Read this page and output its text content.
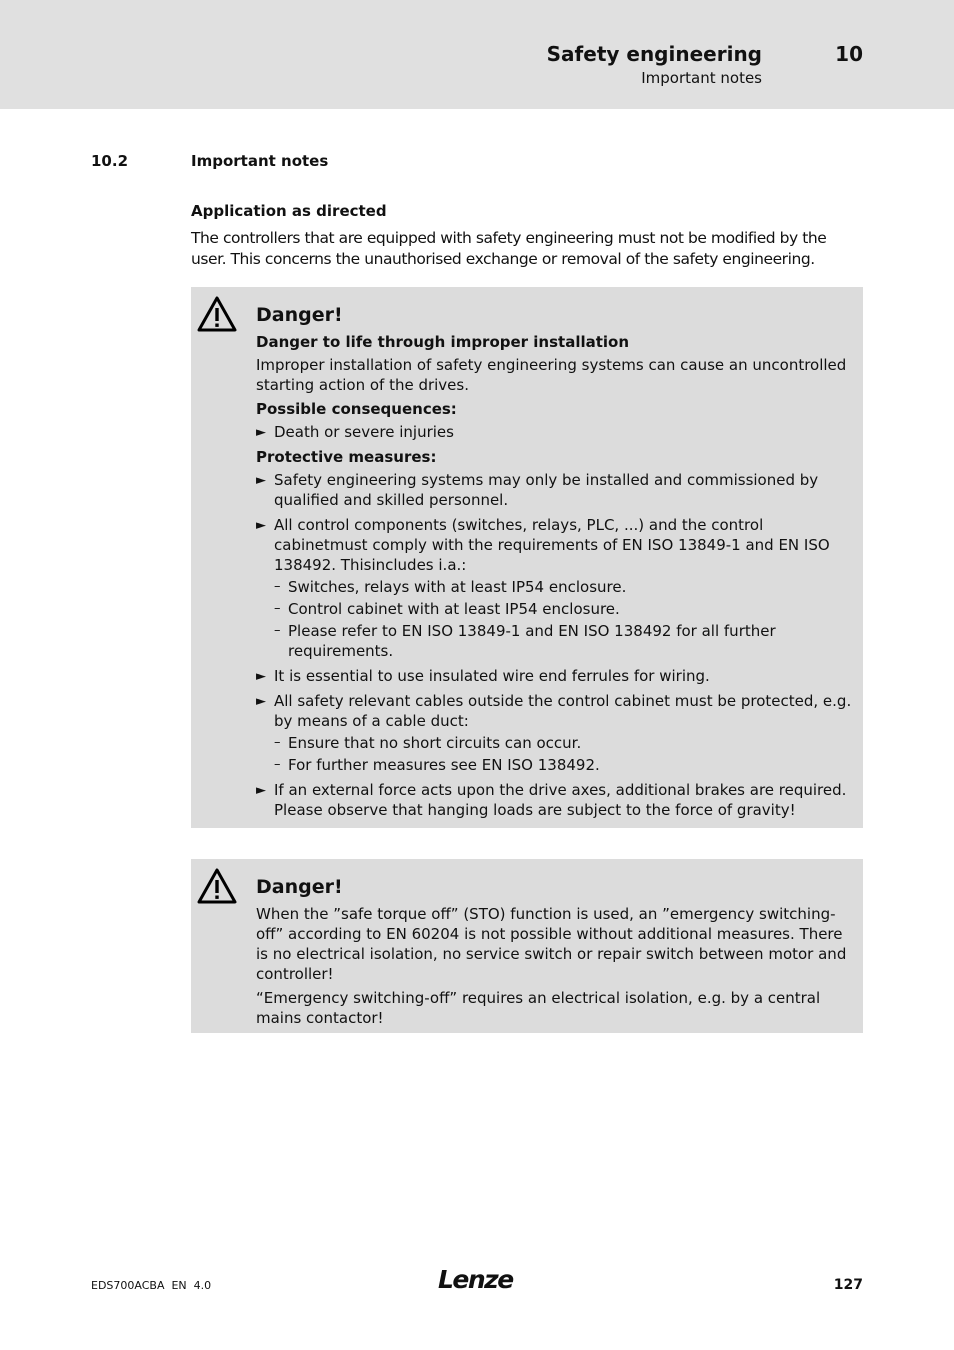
Safety engineering	10
Important notes
10.2	Important notes
Application as directed
The controllers that are equipped with safety engineering must not be modified by the user. This concerns the unauthorised exchange or removal of the safety engineering.
Danger!
Danger to life through improper installation
Improper installation of safety engineering systems can cause an uncontrolled starting action of the drives.
Possible consequences:
► Death or severe injuries
Protective measures:
► Safety engineering systems may only be installed and commissioned by qualified and skilled personnel.
► All control components (switches, relays, PLC, ...) and the control cabinetmust comply with the requirements of EN ISO 13849-1 and EN ISO 138492. Thisincludes i.a.:
– Switches, relays with at least IP54 enclosure.
– Control cabinet with at least IP54 enclosure.
– Please refer to EN ISO 13849-1 and EN ISO 138492 for all further requirements.
► It is essential to use insulated wire end ferrules for wiring.
► All safety relevant cables outside the control cabinet must be protected, e.g. by means of a cable duct:
– Ensure that no short circuits can occur.
– For further measures see EN ISO 138492.
► If an external force acts upon the drive axes, additional brakes are required. Please observe that hanging loads are subject to the force of gravity!
Danger!
When the ”safe torque off” (STO) function is used, an ”emergency switching-off” according to EN 60204 is not possible without additional measures. There is no electrical isolation, no service switch or repair switch between motor and controller!
“Emergency switching-off” requires an electrical isolation, e.g. by a central mains contactor!
EDS700ACBA  EN  4.0	Lenze	127
